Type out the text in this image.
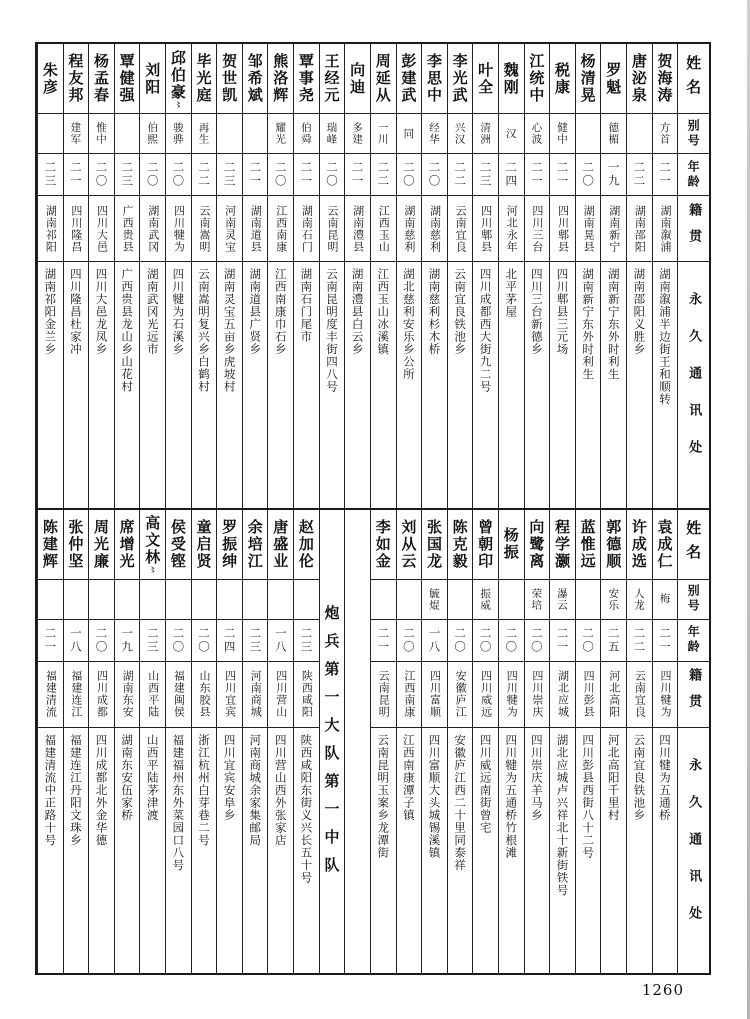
姓名
别号
年龄
籍贯
永久通讯处
贺海涛
方首
二一
湖南溆浦
湖南溆浦半边街王和顺转
唐泌泉
二二
湖南邵阳
湖南邵阳义胜乡
罗魁
德楣
一九
湖南新宁
湖南新宁东外时利生
杨清晃
二〇
湖南晃县
湖南新宁东外时利生
税康
健中
二一
四川郫县
四川郫县三元场
江统中
心波
二一
四川三台
四川三台新德乡
魏刚
汉
二四
河北永年
北平茅屋
叶全
清洲
二三
四川郫县
四川成都西大街九二号
李光武
兴汉
二二
云南宜良
云南宜良铁池乡
李思中
经华
二〇
湖南慈利
湖南慈利杉木桥
彭建武
同
二〇
湖南慈利
湖北慈利安乐乡公所
周延从
一川
二二
江西玉山
江西玉山冰溪镇
向迪
多建
二一
湖南澧县
湖南澧县白云乡
王经元
瑞峰
二〇
云南昆明
云南昆明度丰街四八号
覃事尧
伯舜
二一
湖南石门
湖南石门尾市
熊洛辉
耀光
二〇
江西南康
江西南康巾石乡
邹希斌
二一
湖南道县
湖南道县广贤乡
贺世凯
二三
河南灵宝
湖南灵宝五亩乡虎坡村
毕光庭
再生
二二
云南嵩明
云南嵩明复兴乡白鹤村
邱伯豪
〻
骏骅
二〇
四川犍为
四川犍为石溪乡
刘阳
伯熙
二〇
湖南武冈
湖南武冈光远市
覃健强
二三
广西贵县
广西贵县龙山乡山花村
杨孟春
惟中
二〇
四川大邑
四川大邑龙凤乡
程友邦
建军
二一
四川隆昌
四川隆昌杜家冲
朱彦
二三
湖南祁阳
湖南祁阳金兰乡
姓名
别号
年龄
籍贯
永久通讯处
袁成仁
梅
二一
四川犍为
四川犍为五通桥
许成选
人龙
二二
云南宜良
云南宜良铁池乡
郭德顺
安乐
二五
河北高阳
河北高阳千里村
蓝惟远
二〇
四川彭县
四川彭县西街八十二号
程学灏
瀑云
二一
湖北应城
湖北应城卢兴祥北十新街铁号
向鹭离
荣培
二〇
四川崇庆
四川崇庆羊马乡
杨振
二〇
四川犍为
四川犍为五通桥竹根滩
曾朝印
振威
二〇
四川威远
四川威远南街曾宅
陈克毅
二〇
安徽庐江
安徽庐江西二十里同泰祥
张国龙
毓焜
一八
四川富顺
四川富顺大头城锡溪镇
刘从云
二〇
江西南康
江西南康潭子镇
李如金
二一
云南昆明
云南昆明玉案乡龙潭街
炮兵第一大队第一中队
赵加伦
二三
陕西咸阳
陕西咸阳东街义兴长五十号
唐盛业
一八
四川营山
四川营山西外张家店
余培江
二三
河南商城
河南商城余家集邮局
罗振绅
二四
四川宜宾
四川宜宾安阜乡
童启贤
二〇
山东胶县
浙江杭州白芽巷二号
侯受铿
二〇
福建闽侯
福建福州东外菜园口八号
高文林
〻
二三
山西平陆
山西平陆茅津渡
席增光
一九
湖南东安
湖南东安伍家桥
周光廉
二〇
四川成都
四川成都北外金华德
张仲坚
一八
福建连江
福建连江丹阳文珠乡
陈建辉
二一
福建清流
福建清流中正路十号
1260
